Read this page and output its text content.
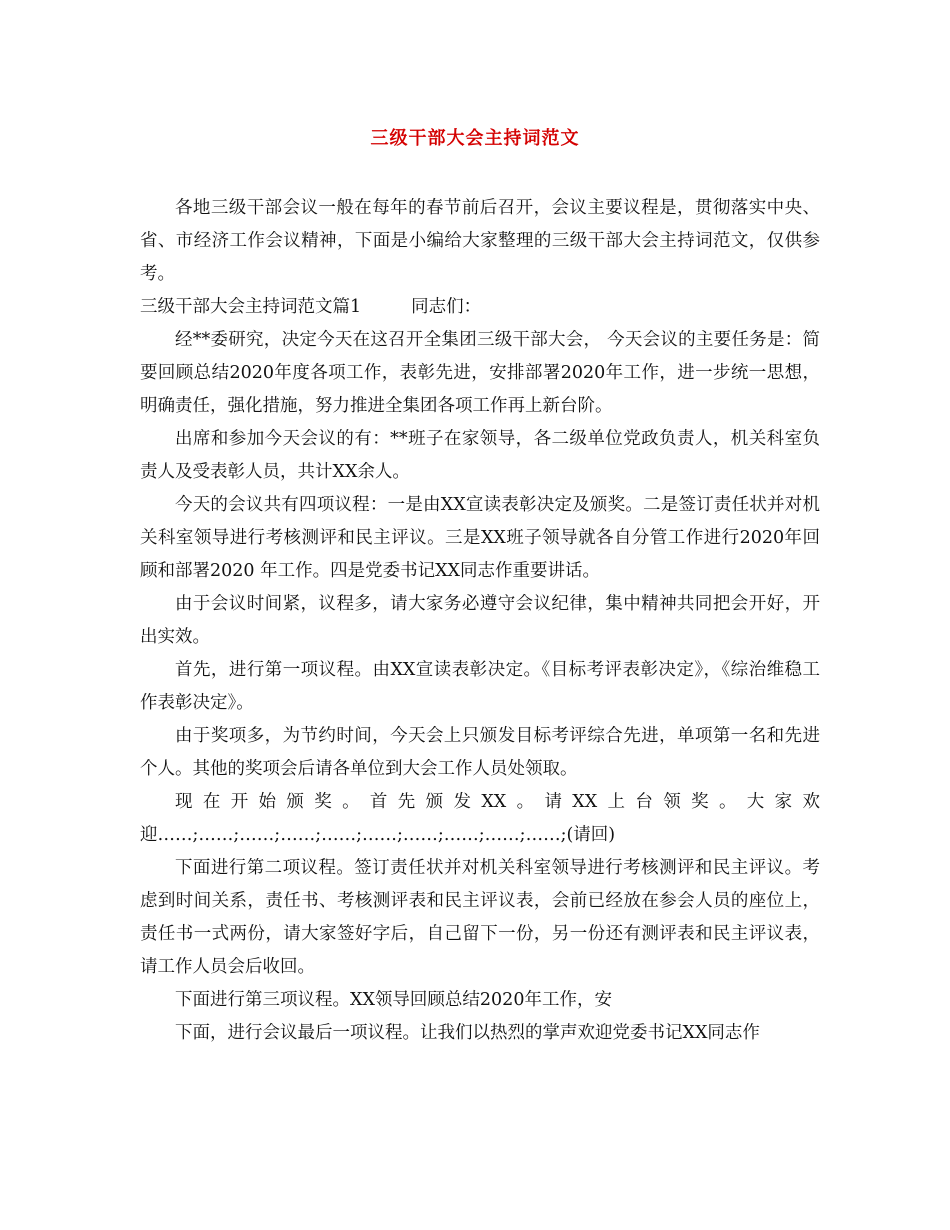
三级干部大会主持词范文

各地三级干部会议一般在每年的春节前后召开，会议主要议程是，贯彻落实中央、省、市经济工作会议精神，下面是小编给大家整理的三级干部大会主持词范文，仅供参考。

三级干部大会主持词范文篇1	同志们：

经**委研究，决定今天在这召开全集团三级干部大会， 今天会议的主要任务是：简要回顾总结2020年度各项工作，表彰先进，安排部署2020年工作，进一步统一思想，明确责任，强化措施，努力推进全集团各项工作再上新台阶。

出席和参加今天会议的有：**班子在家领导，各二级单位党政负责人，机关科室负责人及受表彰人员，共计XX余人。

今天的会议共有四项议程：一是由XX宣读表彰决定及颁奖。二是签订责任状并对机关科室领导进行考核测评和民主评议。三是XX班子领导就各自分管工作进行2020年回顾和部署2020 年工作。四是党委书记XX同志作重要讲话。

由于会议时间紧，议程多，请大家务必遵守会议纪律，集中精神共同把会开好，开出实效。

首先，进行第一项议程。由XX宣读表彰决定。《目标考评表彰决定》，《综治维稳工作表彰决定》。

由于奖项多，为节约时间，今天会上只颁发目标考评综合先进，单项第一名和先进个人。其他的奖项会后请各单位到大会工作人员处领取。

现在开始颁奖。首先颁发XX。请XX上台领奖。大家欢迎……;……;……;……;……;……;……;……;……;……;(请回)

下面进行第二项议程。签订责任状并对机关科室领导进行考核测评和民主评议。考虑到时间关系，责任书、考核测评表和民主评议表，会前已经放在参会人员的座位上，责任书一式两份，请大家签好字后，自己留下一份，另一份还有测评表和民主评议表，请工作人员会后收回。

下面进行第三项议程。XX领导回顾总结2020年工作，安

下面，进行会议最后一项议程。让我们以热烈的掌声欢迎党委书记XX同志作
